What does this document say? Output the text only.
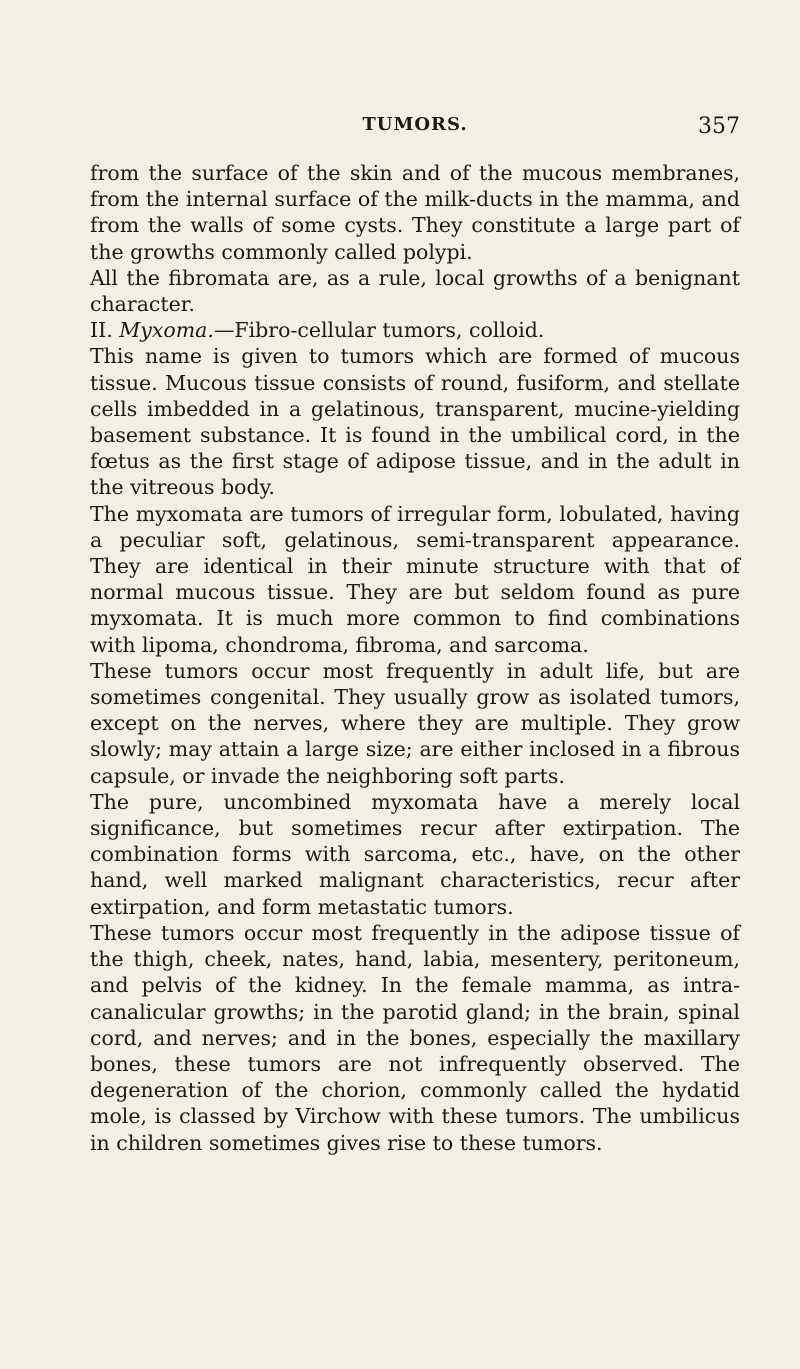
TUMORS.	357

from the surface of the skin and of the mucous membranes, from the internal surface of the milk-ducts in the mamma, and from the walls of some cysts. They constitute a large part of the growths commonly called polypi.

All the fibromata are, as a rule, local growths of a benignant character.

II. Myxoma.—Fibro-cellular tumors, colloid.

This name is given to tumors which are formed of mucous tissue. Mucous tissue consists of round, fusiform, and stellate cells imbedded in a gelatinous, transparent, mucine-yielding basement substance. It is found in the umbilical cord, in the fœtus as the first stage of adipose tissue, and in the adult in the vitreous body.

The myxomata are tumors of irregular form, lobulated, having a peculiar soft, gelatinous, semi-transparent appearance. They are identical in their minute structure with that of normal mucous tissue. They are but seldom found as pure myxomata. It is much more common to find combinations with lipoma, chondroma, fibroma, and sarcoma.

These tumors occur most frequently in adult life, but are sometimes congenital. They usually grow as isolated tumors, except on the nerves, where they are multiple. They grow slowly; may attain a large size; are either inclosed in a fibrous capsule, or invade the neighboring soft parts.

The pure, uncombined myxomata have a merely local significance, but sometimes recur after extirpation. The combination forms with sarcoma, etc., have, on the other hand, well marked malignant characteristics, recur after extirpation, and form metastatic tumors.

These tumors occur most frequently in the adipose tissue of the thigh, cheek, nates, hand, labia, mesentery, peritoneum, and pelvis of the kidney. In the female mamma, as intra-canalicular growths; in the parotid gland; in the brain, spinal cord, and nerves; and in the bones, especially the maxillary bones, these tumors are not infrequently observed. The degeneration of the chorion, commonly called the hydatid mole, is classed by Virchow with these tumors. The umbilicus in children sometimes gives rise to these tumors.
